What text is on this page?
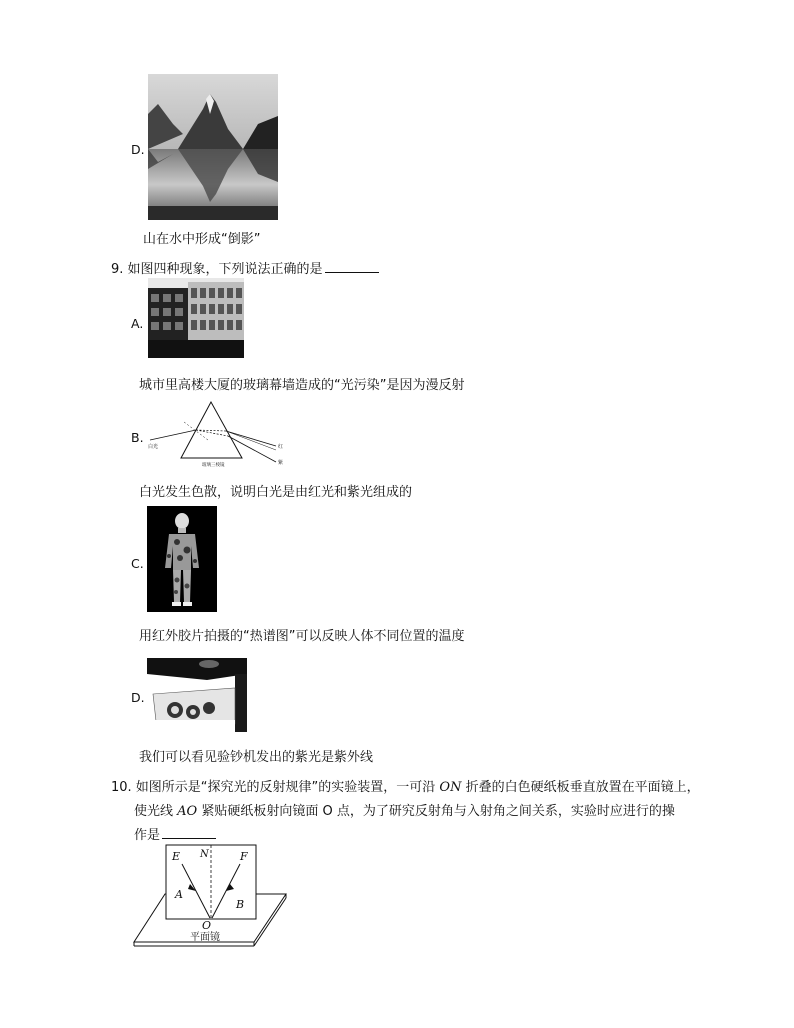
D.
山在水中形成“倒影”
9. 如图四种现象，下列说法正确的是
A.
城市里高楼大厦的玻璃幕墙造成的“光污染”是因为漫反射
B.
白光
玻璃三棱镜
红
紫
白光发生色散，说明白光是由红光和紫光组成的
C.
用红外胶片拍摄的“热谱图”可以反映人体不同位置的温度
D.
我们可以看见验钞机发出的紫光是紫外线
10. 如图所示是“探究光的反射规律”的实验装置，一可沿 ON 折叠的白色硬纸板垂直放置在平面镜上，
使光线 AO 紧贴硬纸板射向镜面 O 点，为了研究反射角与入射角之间关系，实验时应进行的操
作是
E N	F
A
B
O
平面镜
